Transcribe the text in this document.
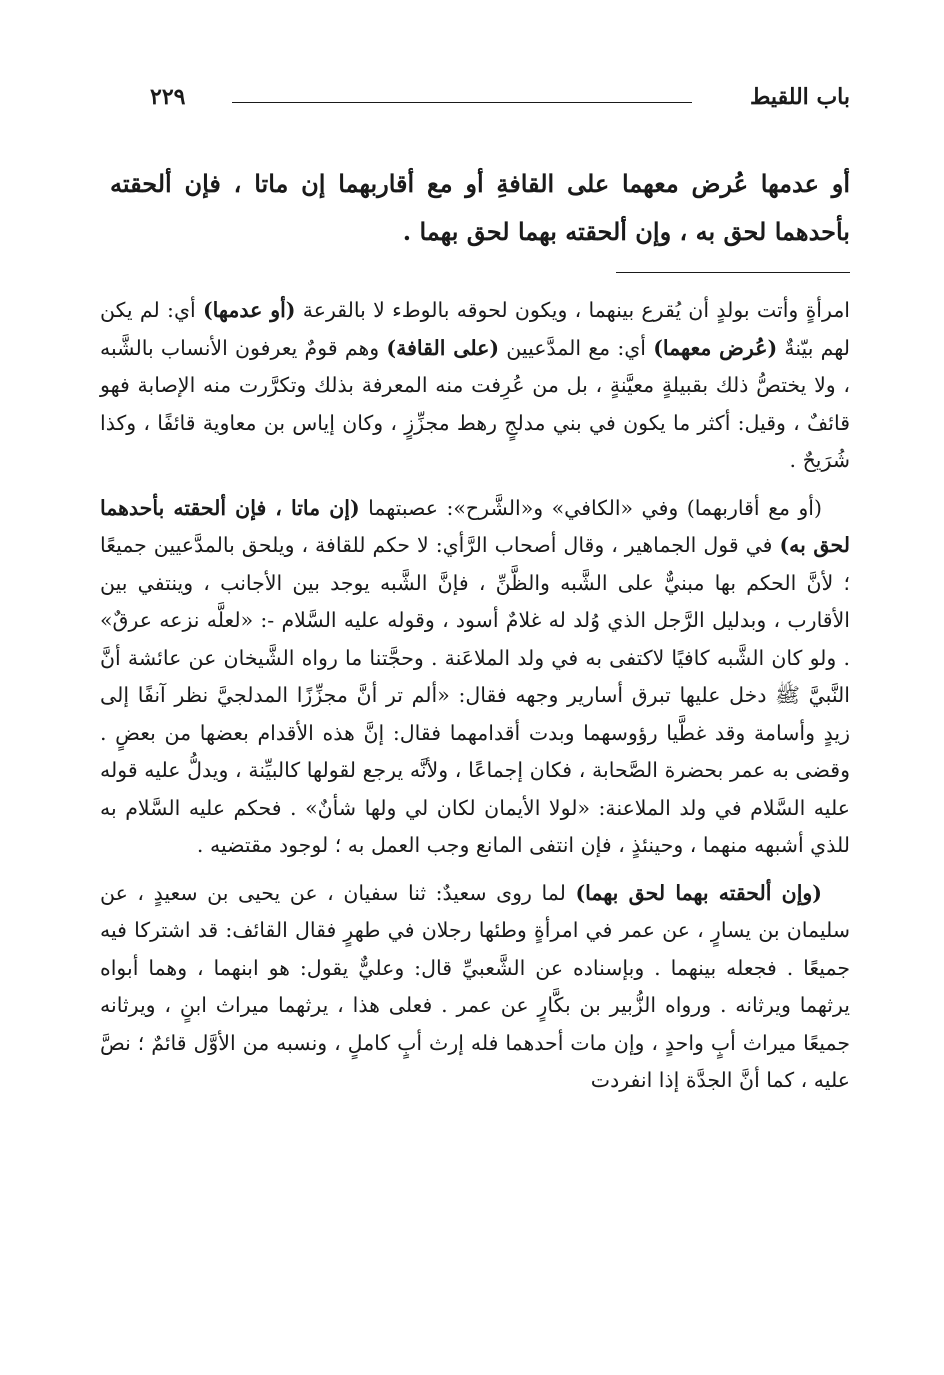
باب اللقيط
٢٢٩
أو عدمها عُرض معهما على القافةِ أو مع أقاربهما إن ماتا ، فإن ألحقته بأحدهما لحق به ، وإن ألحقته بهما لحق بهما .

امرأةٍ وأتت بولدٍ أن يُقرع بينهما ، ويكون لحوقه بالوطء لا بالقرعة (أو عدمها) أي: لم يكن لهم بيّنةٌ (عُرض معهما) أي: مع المدَّعيين (على القافة) وهم قومٌ يعرفون الأنساب بالشَّبه ، ولا يختصُّ ذلك بقبيلةٍ معيَّنةٍ ، بل من عُرِفت منه المعرفة بذلك وتكرَّرت منه الإصابة فهو قائفٌ ، وقيل: أكثر ما يكون في بني مدلجٍ رهط مجزِّزٍ ، وكان إياس بن معاوية قائفًا ، وكذا شُرَيحٌ .

(أو مع أقاربهما) وفي «الكافي» و«الشَّرح»: عصبتهما (إن ماتا ، فإن ألحقته بأحدهما لحق به) في قول الجماهير ، وقال أصحاب الرَّأي: لا حكم للقافة ، ويلحق بالمدَّعيين جميعًا ؛ لأنَّ الحكم بها مبنيٌّ على الشَّبه والظَّنِّ ، فإنَّ الشَّبه يوجد بين الأجانب ، وينتفي بين الأقارب ، وبدليل الرَّجل الذي وُلد له غلامٌ أسود ، وقوله عليه السَّلام -: «لعلَّه نزعه عرقٌ» . ولو كان الشَّبه كافيًا لاكتفى به في ولد الملاعَنة . وحجَّتنا ما رواه الشَّيخان عن عائشة أنَّ النَّبيَّ ﷺ دخل عليها تبرق أسارير وجهه فقال: «ألم تر أنَّ مجزِّزًا المدلجيَّ نظر آنفًا إلى زيدٍ وأسامة وقد غطَّيا رؤوسهما وبدت أقدامهما فقال: إنَّ هذه الأقدام بعضها من بعضٍ . وقضى به عمر بحضرة الصَّحابة ، فكان إجماعًا ، ولأنَّه يرجع لقولها كالبيِّنة ، ويدلُّ عليه قوله عليه السَّلام في ولد الملاعنة: «لولا الأيمان لكان لي ولها شأنٌ» . فحكم عليه السَّلام به للذي أشبهه منهما ، وحينئذٍ ، فإن انتفى المانع وجب العمل به ؛ لوجود مقتضيه .

(وإن ألحقته بهما لحق بهما) لما روى سعيدٌ: ثنا سفيان ، عن يحيى بن سعيدٍ ، عن سليمان بن يسارٍ ، عن عمر في امرأةٍ وطئها رجلان في طهرٍ فقال القائف: قد اشتركا فيه جميعًا . فجعله بينهما . وبإسناده عن الشَّعبيِّ قال: وعليٌّ يقول: هو ابنهما ، وهما أبواه يرثهما ويرثانه . ورواه الزُّبير بن بكَّارٍ عن عمر . فعلى هذا ، يرثهما ميراث ابنٍ ، ويرثانه جميعًا ميراث أبٍ واحدٍ ، وإن مات أحدهما فله إرث أبٍ كاملٍ ، ونسبه من الأوَّل قائمٌ ؛ نصَّ عليه ، كما أنَّ الجدَّة إذا انفردت
